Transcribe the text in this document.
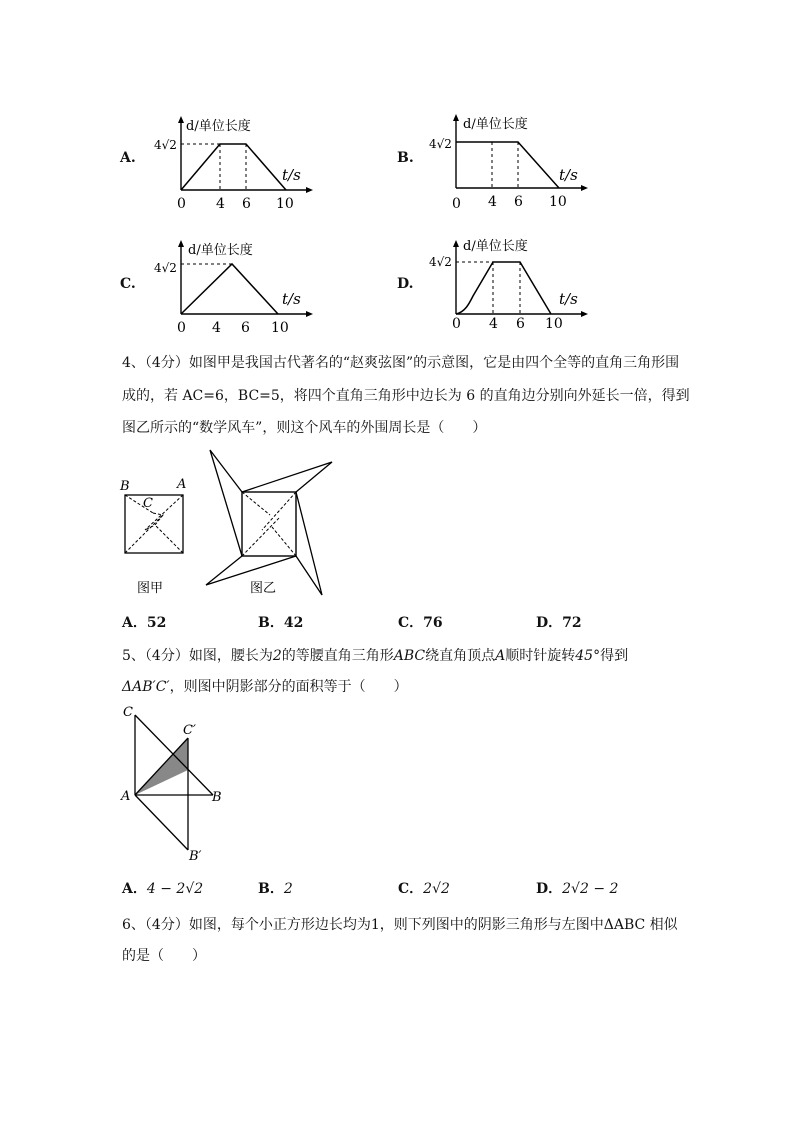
A.
d/单位长度
4√2
t/s
0 4 6 10
B.
d/单位长度
4√2
t/s
0 4 6 10
C.
d/单位长度
4√2
t/s
0 4 6 10
D.
d/单位长度
4√2
t/s
0 4 6 10
4、（4分）如图甲是我国古代著名的“赵爽弦图”的示意图，它是由四个全等的直角三角形围
成的，若 AC=6，BC=5，将四个直角三角形中边长为 6 的直角边分别向外延长一倍，得到
图乙所示的“数学风车”，则这个风车的外围周长是（　　）
B	A
C
图甲	图乙
A．52	B．42	C．76	D．72
5、（4分）如图，腰长为2的等腰直角三角形ABC绕直角顶点A顺时针旋转45°得到
ΔAB′C′，则图中阴影部分的面积等于（　　）
C
C′
A	B
B′
A．4 − 2√2	B．2	C．2√2	D．2√2 − 2
6、（4分）如图，每个小正方形边长均为1，则下列图中的阴影三角形与左图中ΔABC 相似
的是（　　）
